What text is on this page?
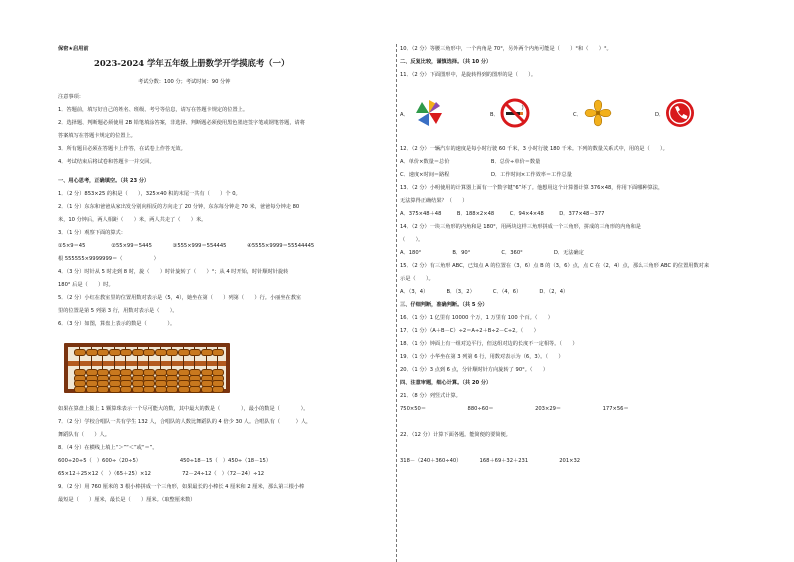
保密★启用前
2023-2024 学年五年级上册数学开学摸底考（一）
考试分数：100 分；考试时间：90 分钟
注意事项：
1．答题前，填写好自己的姓名、班级、考号等信息，请写在答题卡规定的位置上。
2．选择题、判断题必须使用 2B 铅笔填涂答案，非选择、判断题必须使用黑色墨迹签字笔或钢笔答题，请将
答案填写在答题卡规定的位置上。
3．所有题目必须在答题卡上作答，在试卷上作答无效。
4．考试结束后将试卷和答题卡一并交回。
一、用心思考，正确填空。（共 23 分）
1．（2 分）853×25 的积是（　　），325×40 积的末尾一共有（　　）个 0。
2．（1 分）东东和爸爸从家出发分别向相反的方向走了 20 分钟，东东每分钟走 70 米，爸爸每分钟走 80
米，10 分钟后，两人相距（　　）米，两人共走了（　　）米。
3．（1 分）观察下面的算式：
①5×9＝45　　　　　②55×99＝5445　　　　③555×999＝554445　　　　④5555×9999＝55544445
根 555555×9999999＝（　　　　　　）
4．（3 分）时针从 5 时走到 8 时，旋（　　）时针旋转了（　　）°；从 4 时开始，时针顺时针旋转
180° 后是（　　）时。
5．（2 分）小红在教室里的位置用数对表示是（5，4），她坐在第（　　）列第（　　）行。小丽坐在教室
里的位置是第 5 列第 3 行，用数对表示是（　　）。
6．（3 分）如图，算盘上表示的数是（　　　　）。
如果在算盘上拨上 1 颗算珠表示一个尽可能大的数，其中最大的数是（　　　　），最小的数是（　　　　）。
7．（2 分）学校合唱队一共有学生 132 人，合唱队的人数比舞蹈队的 4 倍少 30 人。合唱队有（　　　）人，
舞蹈队有（　　）人。
8．（4 分）在横线上填上“＞”“＜”或“＝”。
600÷20÷5（　）600÷（20÷5）　　　　　　　　450÷18－15（　）450÷（18－15）
65×12＋25×12（　）（65＋25）×12　　　　　　72－24÷12（　）（72－24）÷12
9．（2 分）用 760 厘米的 3 根小棒拼成一个三角形，如果最长的小棒长 4 厘米和 2 厘米，那么第三根小棒
最短是（　　）厘米，最长是（　　）厘米。（取整厘米数）
10．（2 分）等腰三角形中，一个内角是 70°，另外两个内角可能是（　　）°和（　　）°。
二、反复比较，谨慎选择。（共 10 分）
11．（2 分）下面图形中，是旋转得到的图形的是（　　）。
12．（2 分）一辆汽车的速度是每小时行驶 60 千米，3 小时行驶 180 千米。下列的数量关系式中，用的是（　　）。
A．单价×数量＝总价　　　　　　　　B．总价÷单价＝数量
C．速度×时间＝路程　　　　　　　　D．工作时间×工作效率＝工作总量
13．（2 分）小明使用的计算器上面有一个数字键“6”坏了。他想用这个计算器计算 376×48，你用下面哪种算法，
无法算得正确结果？（　　）
A．375×48＋48　　　B．188×2×48　　　C．94×4×48　　　D．377×48－377
14．（2 分）一块三角形的内角和是 180°，用两块这样三角形拼成一个三角形，拼成的三角形的内角和是
（　　）。
A．180°　　　　　　B．90°　　　　　　C．360°　　　　　　D．无法确定
15．（2 分）有三角形 ABC，已知点 A 的位置在（3，6）点 B 的（3，6）点，点 C 在（2，4）点，那么三角形 ABC 的位置用数对来
示是（　　）。
A．（3，4）　　　　B．（3，2）　　　　C．（4，6）　　　　D．（2，4）
三、仔细判断，准确判断。（共 5 分）
16．（1 分）1 亿里有 10000 个万，1 万里有 100 个百。（　　）
17．（1 分）（A＋B－C）÷2＝A÷2＋B÷2－C÷2。（　　）
18．（1 分）钟面上有一组对边平行，但这组对边的长度不一定相等。（　　）
19．（1 分）小华坐在第 3 列第 6 行，用数对表示为（6，3）。（　　）
20．（1 分）3 点到 6 点，分针顺时针方向旋转了 90°。（　　）
四、注意审题，细心计算。（共 20 分）
21．（8 分）列竖式计算。
750×50＝　　　　　　　　880÷60＝　　　　　　　　203×29＝　　　　　　　　177×56＝
22．（12 分）计算下面各题。能简便的要简便。
318－（240＋360÷40）　　　　168＋69＋32＋231　　　　　　201×32
A．	B．	C．	D．
